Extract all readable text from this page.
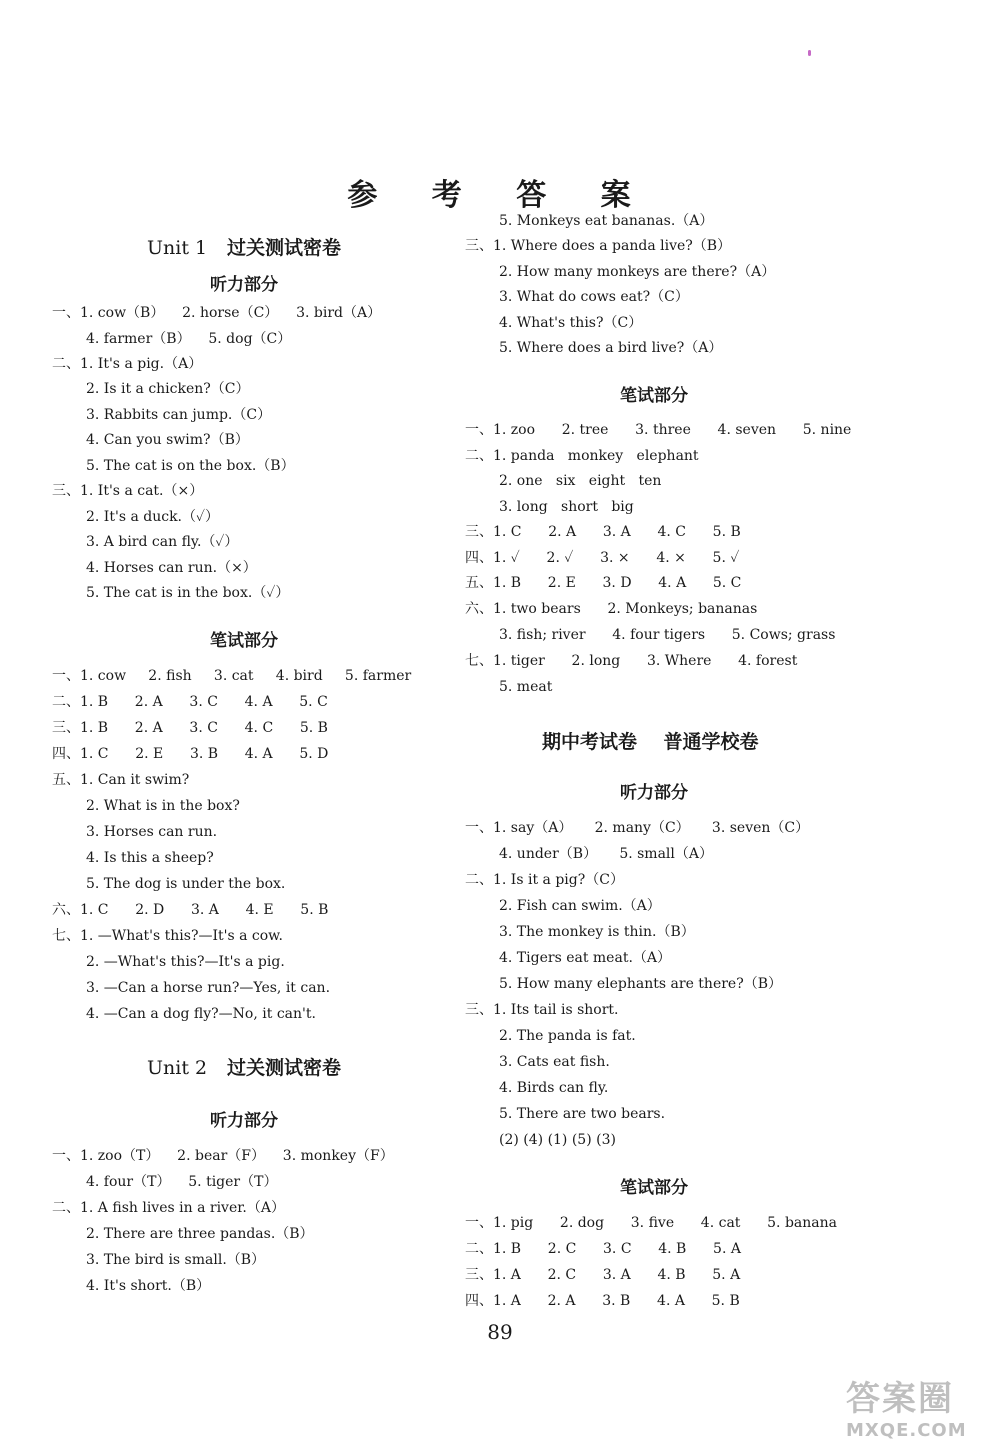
参 考 答 案
Unit 1 过关测试密卷
听力部分
一、1. cow（B）    2. horse（C）    3. bird（A）
4. farmer（B）    5. dog（C）
二、1. It's a pig.（A）
2. Is it a chicken?（C）
3. Rabbits can jump.（C）
4. Can you swim?（B）
5. The cat is on the box.（B）
三、1. It's a cat.（×）
2. It's a duck.（✓）
3. A bird can fly.（✓）
4. Horses can run.（×）
5. The cat is in the box.（✓）
笔试部分
一、1. cow     2. fish     3. cat     4. bird     5. farmer
二、1. B      2. A      3. C      4. A      5. C
三、1. B      2. A      3. C      4. C      5. B
四、1. C      2. E      3. B      4. A      5. D
五、1. Can it swim?
2. What is in the box?
3. Horses can run.
4. Is this a sheep?
5. The dog is under the box.
六、1. C      2. D      3. A      4. E      5. B
七、1. —What's this?—It's a cow.
2. —What's this?—It's a pig.
3. —Can a horse run?—Yes, it can.
4. —Can a dog fly?—No, it can't.
Unit 2 过关测试密卷
听力部分
一、1. zoo（T）    2. bear（F）    3. monkey（F）
4. four（T）    5. tiger（T）
二、1. A fish lives in a river.（A）
2. There are three pandas.（B）
3. The bird is small.（B）
4. It's short.（B）
5. Monkeys eat bananas.（A）
三、1. Where does a panda live?（B）
2. How many monkeys are there?（A）
3. What do cows eat?（C）
4. What's this?（C）
5. Where does a bird live?（A）
笔试部分
一、1. zoo      2. tree      3. three      4. seven      5. nine
二、1. panda   monkey   elephant
2. one   six   eight   ten
3. long   short   big
三、1. C      2. A      3. A      4. C      5. B
四、1. ✓      2. ✓      3. ×      4. ×      5. ✓
五、1. B      2. E      3. D      4. A      5. C
六、1. two bears      2. Monkeys; bananas
3. fish; river      4. four tigers      5. Cows; grass
七、1. tiger      2. long      3. Where      4. forest
5. meat
期中考试卷    普通学校卷
听力部分
一、1. say（A）     2. many（C）     3. seven（C）
4. under（B）     5. small（A）
二、1. Is it a pig?（C）
2. Fish can swim.（A）
3. The monkey is thin.（B）
4. Tigers eat meat.（A）
5. How many elephants are there?（B）
三、1. Its tail is short.
2. The panda is fat.
3. Cats eat fish.
4. Birds can fly.
5. There are two bears.
(2) (4) (1) (5) (3)
笔试部分
一、1. pig      2. dog      3. five      4. cat      5. banana
二、1. B      2. C      3. C      4. B      5. A
三、1. A      2. C      3. A      4. B      5. A
四、1. A      2. A      3. B      4. A      5. B
89
答案圈
MXQE.COM
